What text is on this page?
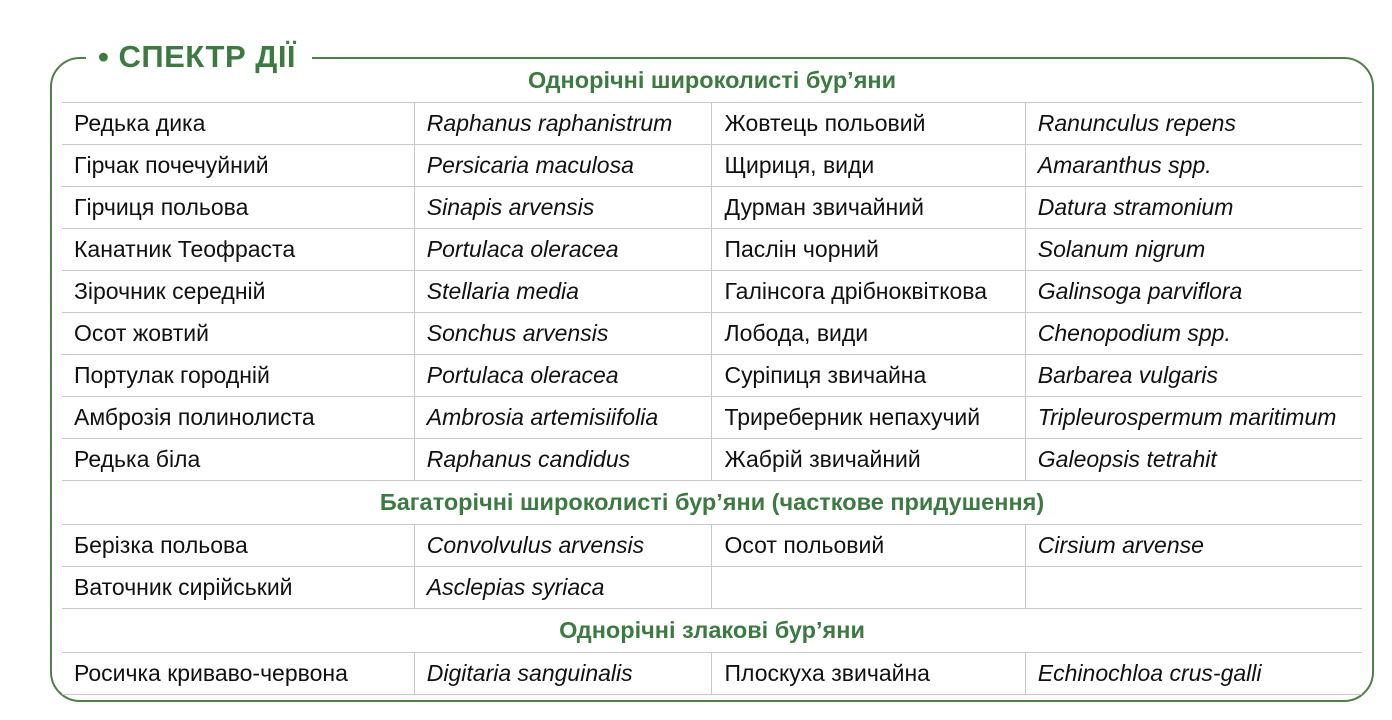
• СПЕКТР ДІЇ
Однорічні широколисті бур’яни			
Редька дика	Raphanus raphanistrum	Жовтець польовий	Ranunculus repens
Гірчак почечуйний	Persicaria maculosa	Щириця, види	Amaranthus spp.
Гірчиця польова	Sinapis arvensis	Дурман звичайний	Datura stramonium
Канатник Теофраста	Portulaca oleracea	Паслін чорний	Solanum nigrum
Зірочник середній	Stellaria media	Галінсога дрібноквіткова	Galinsoga parviflora
Осот жовтий	Sonchus arvensis	Лобода, види	Chenopodium spp.
Портулак городній	Portulaca oleracea	Суріпиця звичайна	Barbarea vulgaris
Амброзія полинолиста	Ambrosia artemisiifolia	Триреберник непахучий	Tripleurospermum maritimum
Редька біла	Raphanus candidus	Жабрій звичайний	Galeopsis tetrahit
Багаторічні широколисті бур’яни (часткове придушення)			
Берізка польова	Convolvulus arvensis	Осот польовий	Cirsium arvense
Ваточник сирійський	Asclepias syriaca		
Однорічні злакові бур’яни			
Росичка криваво-червона	Digitaria sanguinalis	Плоскуха звичайна	Echinochloa crus-galli
